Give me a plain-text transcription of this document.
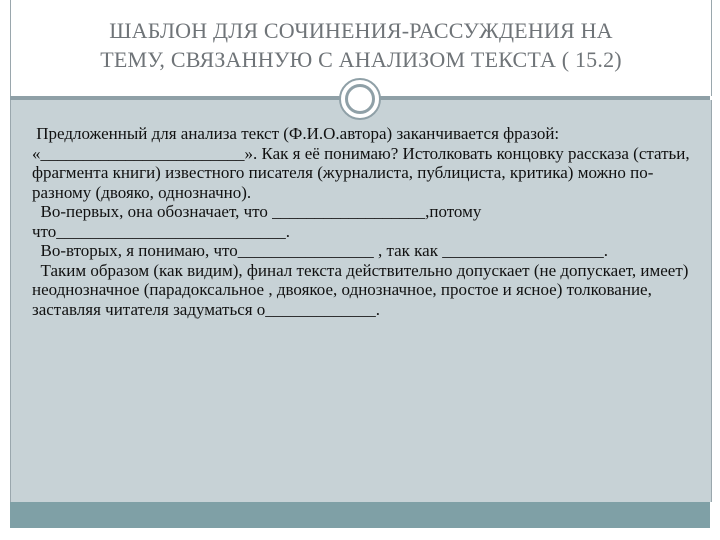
ШАБЛОН ДЛЯ СОЧИНЕНИЯ-РАССУЖДЕНИЯ НА
ТЕМУ, СВЯЗАННУЮ С АНАЛИЗОМ ТЕКСТА ( 15.2)

Предложенный для анализа текст (Ф.И.О.автора) заканчивается фразой: «________________________». Как я её понимаю? Истолковать концовку рассказа (статьи, фрагмента книги) известного писателя (журналиста, публициста, критика) можно по-разному (двояко, однозначно).

Во-первых, она обозначает, что __________________,потому что___________________________.

Во-вторых, я понимаю, что________________ , так как ___________________.

Таким образом (как видим), финал текста действительно допускает (не допускает, имеет) неоднозначное (парадоксальное , двоякое, однозначное, простое и ясное) толкование, заставляя читателя задуматься о_____________.
